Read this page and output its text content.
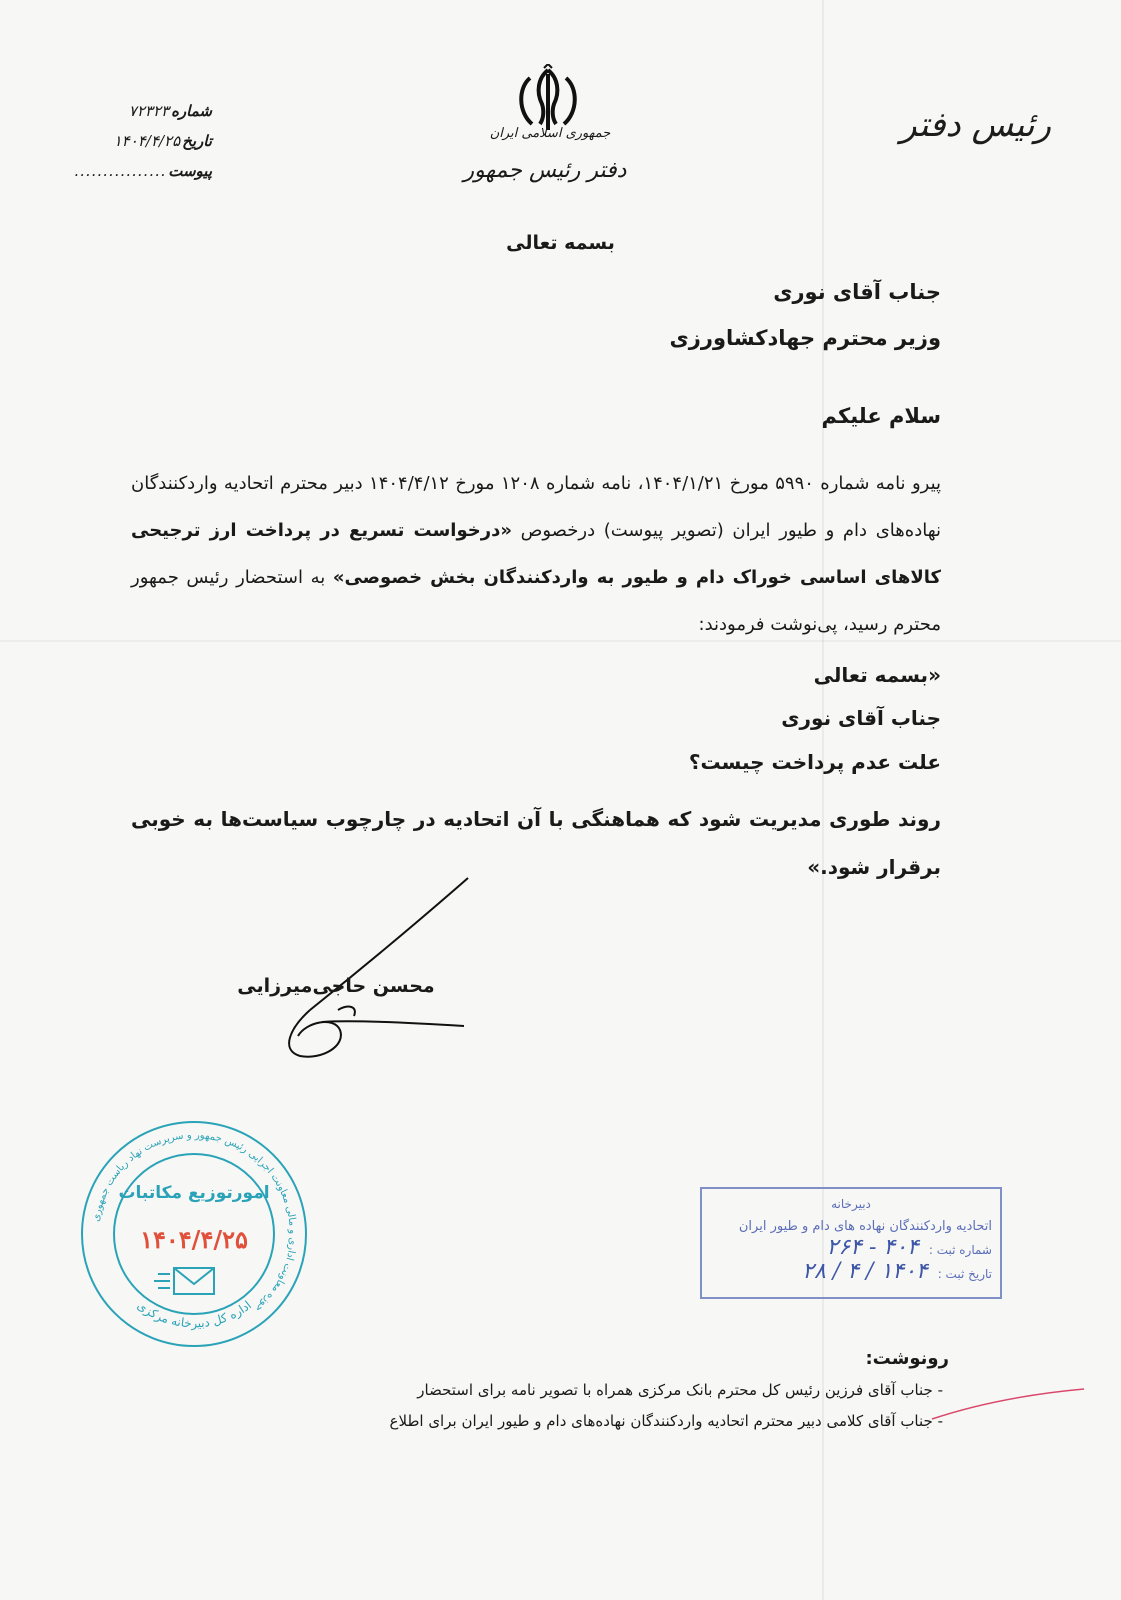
رئیس دفتر
شماره
۷۲۳۲۳
تاریخ
۱۴۰۴/۴/۲۵
پیوست
................
جمهوری اسلامی ایران
دفتر رئیس جمهور
بسمه تعالی
جناب آقای نوری
وزیر محترم جهادکشاورزی
سلام علیکم
پیرو نامه شماره ۵۹۹۰ مورخ ۱۴۰۴/۱/۲۱، نامه شماره ۱۲۰۸ مورخ ۱۴۰۴/۴/۱۲ دبیر محترم اتحادیه واردکنندگان نهاده‌های دام و طیور ایران (تصویر پیوست) درخصوص «درخواست تسریع در پرداخت ارز ترجیحی کالاهای اساسی خوراک دام و طیور به واردکنندگان بخش خصوصی» به استحضار رئیس جمهور محترم رسید، پی‌نوشت فرمودند:
«بسمه تعالی
جناب آقای نوری
علت عدم پرداخت چیست؟
روند طوری مدیریت شود که هماهنگی با آن اتحادیه در چارچوب سیاست‌ها به خوبی برقرار شود.»
محسن حاجی‌میرزایی
حوزه معاونت اداری و مالی معاونت اجرایی رئیس جمهور و سرپرست نهاد ریاست جمهوری
امورتوزیع مکاتبات
۱۴۰۴/۴/۲۵
اداره کل دبیرخانه مرکزی
دبیرخانه
اتحادیه واردکنندگان نهاده های دام و طیور ایران
شماره ثبت :
۴۰۴ - ۲۶۴
تاریخ ثبت :
۱۴۰۴ / ۴ / ۲۸
رونوشت:
- جناب آقای فرزین رئیس کل محترم بانک مرکزی همراه با تصویر نامه برای استحضار
- جناب آقای کلامی دبیر محترم اتحادیه واردکنندگان نهاده‌های دام و طیور ایران برای اطلاع
